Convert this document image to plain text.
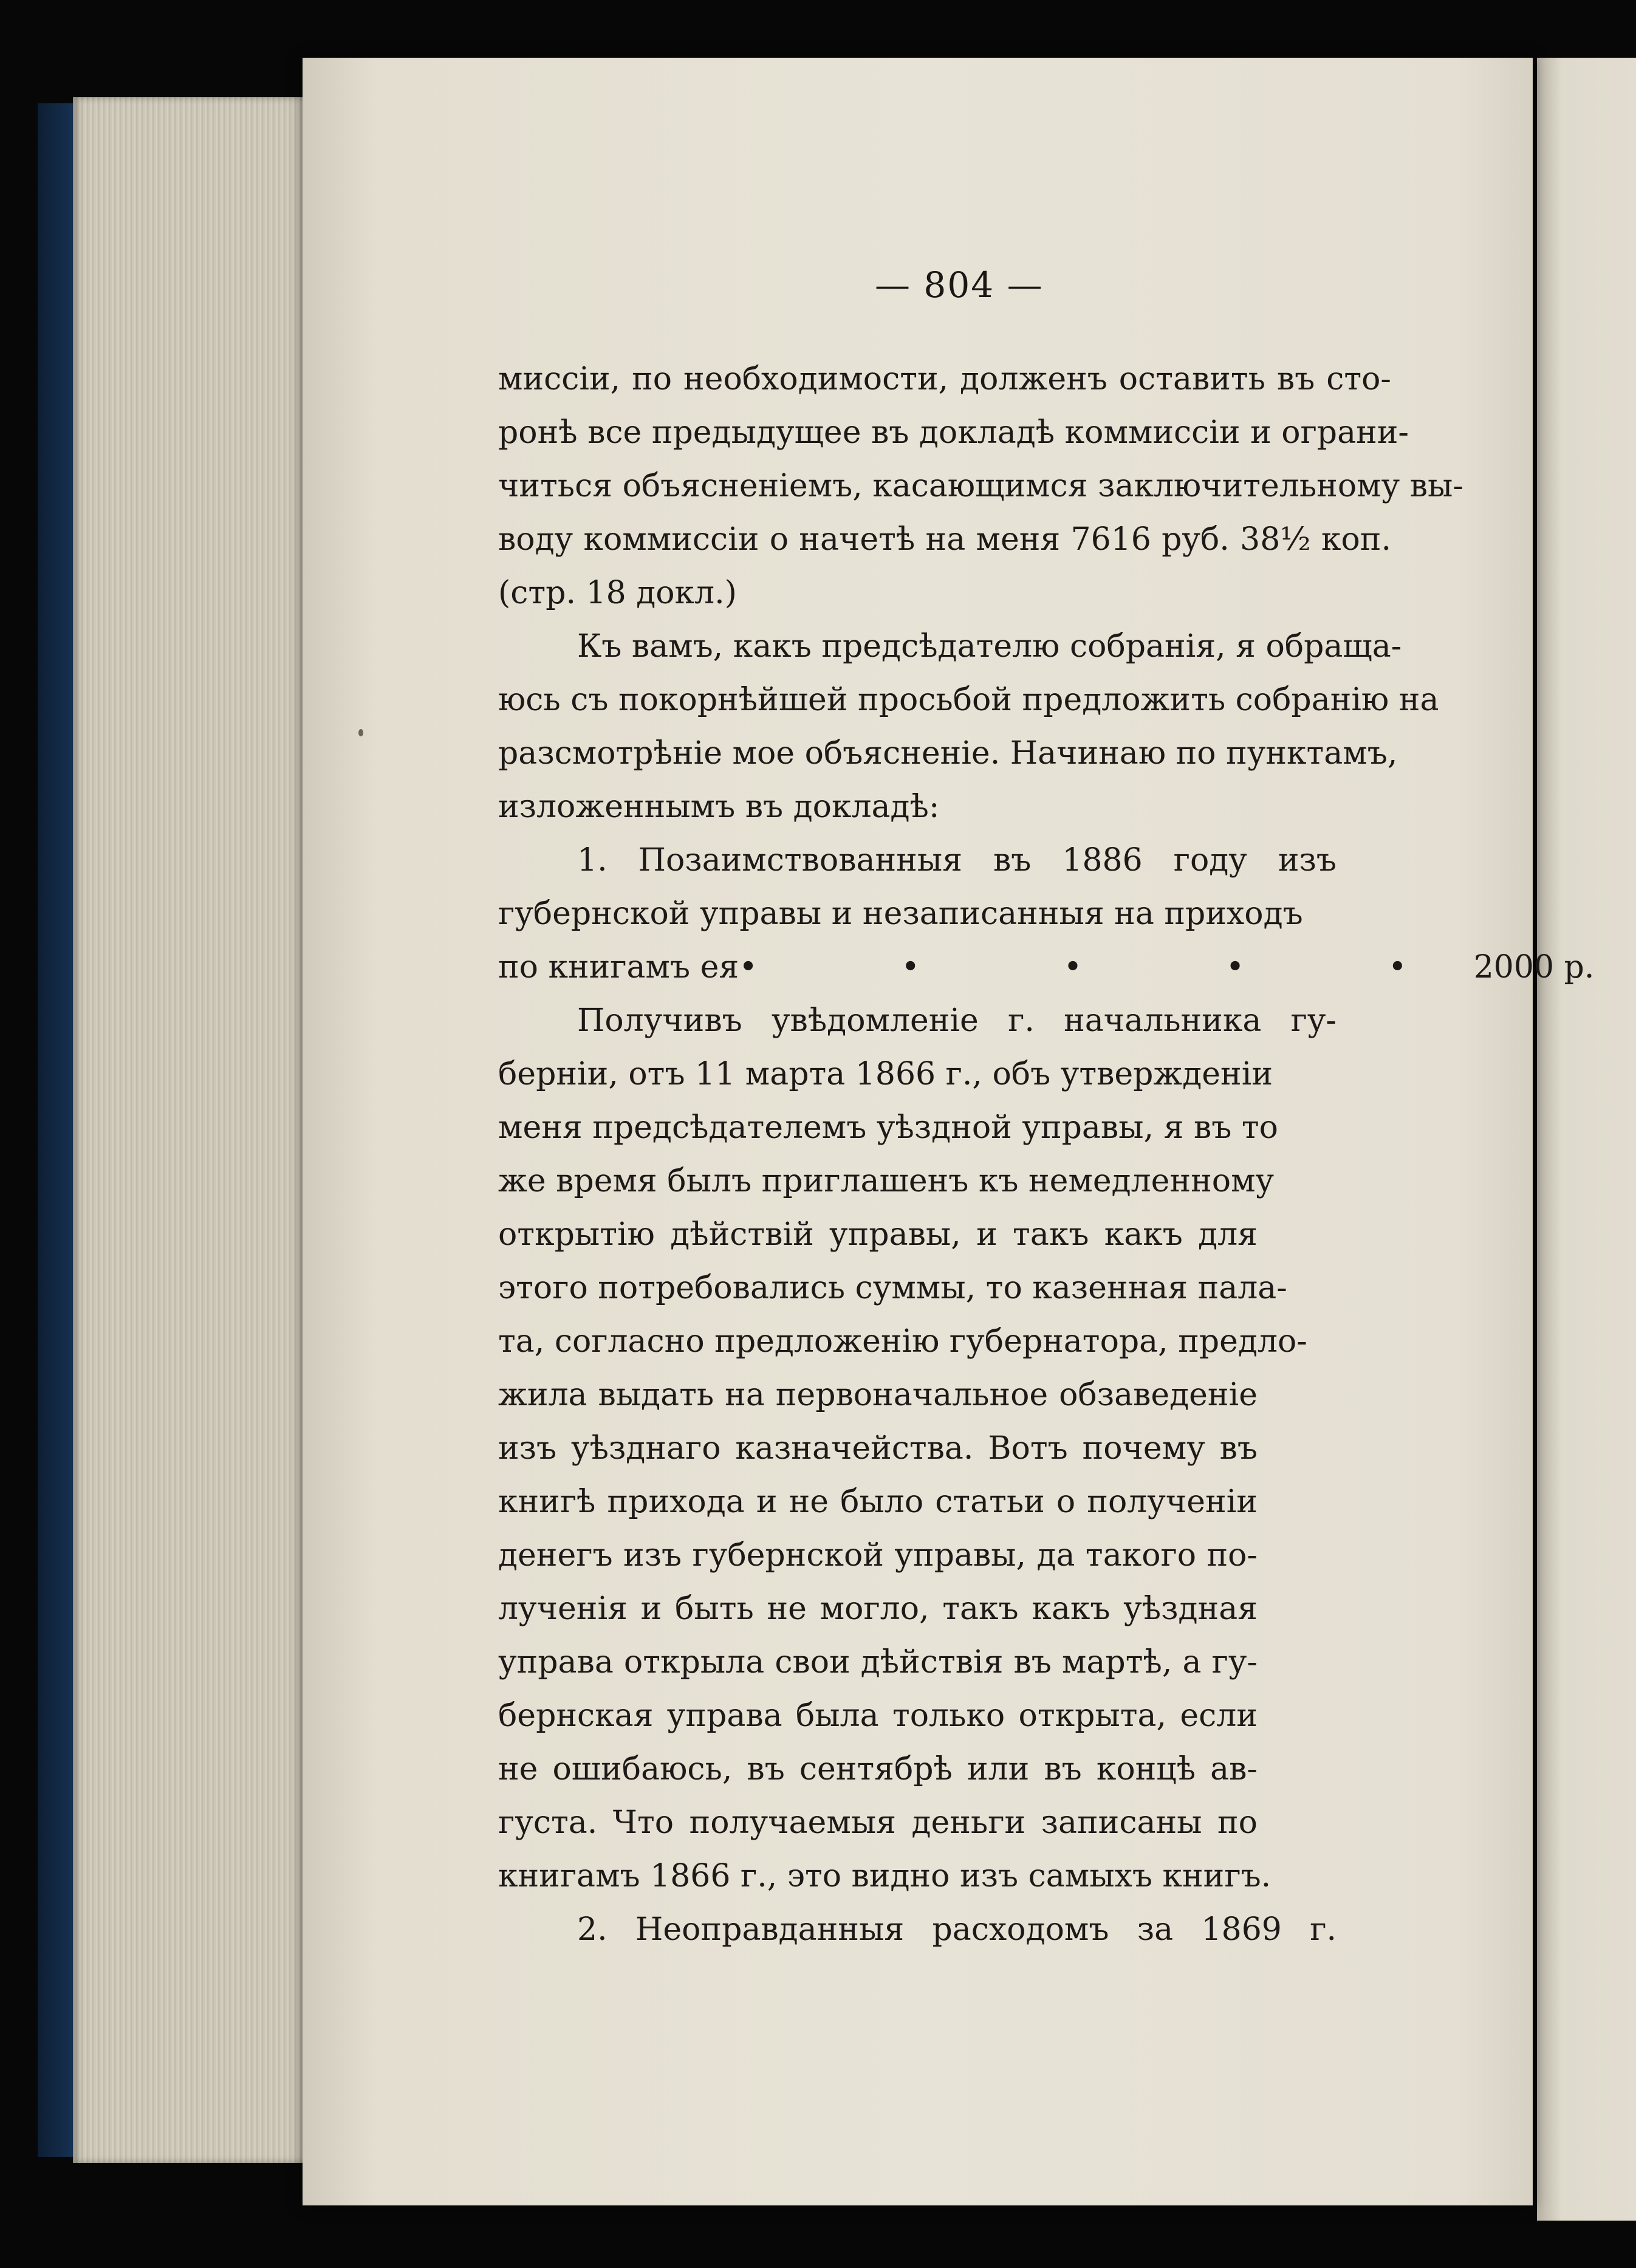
— 804 —
миссіи, по необходимости, долженъ оставить въ сто-
ронѣ все предыдущее въ докладѣ коммиссіи и ограни-
читься объясненіемъ, касающимся заключительному вы-
воду коммиссіи о начетѣ на меня 7616 руб. 38½ коп.
(стр. 18 докл.)
Къ вамъ, какъ предсѣдателю собранія, я обраща-
юсь съ покорнѣйшей просьбой предложить собранію на
разсмотрѣніе мое объясненіе. Начинаю по пунктамъ,
изложеннымъ въ докладѣ:
1. Позаимствованныя въ 1886 году изъ
губернской управы и незаписанныя на приходъ
по книгамъ ея • • • • • 2000 р.
Получивъ увѣдомленіе г. начальника гу-
берніи, отъ 11 марта 1866 г., объ утвержденіи
меня предсѣдателемъ уѣздной управы, я въ то
же время былъ приглашенъ къ немедленному
открытію дѣйствій управы, и такъ какъ для
этого потребовались суммы, то казенная пала-
та, согласно предложенію губернатора, предло-
жила выдать на первоначальное обзаведеніе
изъ уѣзднаго казначейства. Вотъ почему въ
книгѣ прихода и не было статьи о полученіи
денегъ изъ губернской управы, да такого по-
лученія и быть не могло, такъ какъ уѣздная
управа открыла свои дѣйствія въ мартѣ, а гу-
бернская управа была только открыта, если
не ошибаюсь, въ сентябрѣ или въ концѣ ав-
густа. Что получаемыя деньги записаны по
книгамъ 1866 г., это видно изъ самыхъ книгъ.
2. Неоправданныя расходомъ за 1869 г.
